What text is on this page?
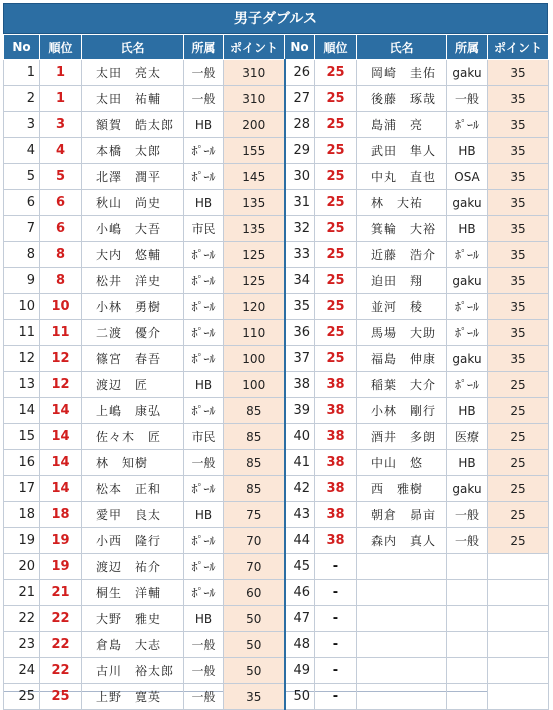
男子ダブルス
No	順位	氏名	所属	ポイント	No	順位	氏名	所属	ポイント
1	1	太田　亮太	一般	310	26	25	岡崎　圭佑	gaku	35
2	1	太田　祐輔	一般	310	27	25	後藤　琢哉	一般	35
3	3	額賀　皓太郎	HB	200	28	25	島浦　亮	ﾎﾟｰﾙ	35
4	4	本橋　太郎	ﾎﾟｰﾙ	155	29	25	武田　隼人	HB	35
5	5	北澤　潤平	ﾎﾟｰﾙ	145	30	25	中丸　直也	OSA	35
6	6	秋山　尚史	HB	135	31	25	林　大祐	gaku	35
7	6	小嶋　大吾	市民	135	32	25	箕輪　大裕	HB	35
8	8	大内　悠輔	ﾎﾟｰﾙ	125	33	25	近藤　浩介	ﾎﾟｰﾙ	35
9	8	松井　洋史	ﾎﾟｰﾙ	125	34	25	迫田　翔	gaku	35
10	10	小林　勇樹	ﾎﾟｰﾙ	120	35	25	並河　稜	ﾎﾟｰﾙ	35
11	11	二渡　優介	ﾎﾟｰﾙ	110	36	25	馬場　大助	ﾎﾟｰﾙ	35
12	12	篠宮　春吾	ﾎﾟｰﾙ	100	37	25	福島　伸康	gaku	35
13	12	渡辺　匠	HB	100	38	38	稲葉　大介	ﾎﾟｰﾙ	25
14	14	上嶋　康弘	ﾎﾟｰﾙ	85	39	38	小林　剛行	HB	25
15	14	佐々木　匠	市民	85	40	38	酒井　多朗	医療	25
16	14	林　知樹	一般	85	41	38	中山　悠	HB	25
17	14	松本　正和	ﾎﾟｰﾙ	85	42	38	西　雅樹	gaku	25
18	18	愛甲　良太	HB	75	43	38	朝倉　昴亩	一般	25
19	19	小西　隆行	ﾎﾟｰﾙ	70	44	38	森内　真人	一般	25
20	19	渡辺　祐介	ﾎﾟｰﾙ	70	45	-			
21	21	桐生　洋輔	ﾎﾟｰﾙ	60	46	-			
22	22	大野　雅史	HB	50	47	-			
23	22	倉島　大志	一般	50	48	-			
24	22	古川　裕太郎	一般	50	49	-			
25	25	上野　寛英	一般	35	50	-			
